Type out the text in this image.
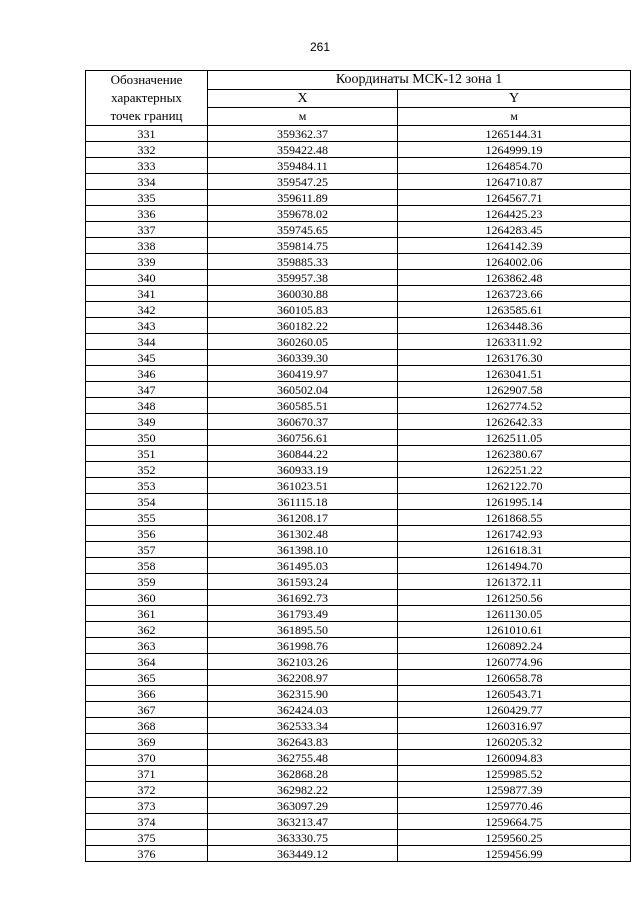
261
Обозначение
характерных
точек границ	Координаты МСК-12 зона 1	
	X	Y
	м	м
331	359362.37	1265144.31
332	359422.48	1264999.19
333	359484.11	1264854.70
334	359547.25	1264710.87
335	359611.89	1264567.71
336	359678.02	1264425.23
337	359745.65	1264283.45
338	359814.75	1264142.39
339	359885.33	1264002.06
340	359957.38	1263862.48
341	360030.88	1263723.66
342	360105.83	1263585.61
343	360182.22	1263448.36
344	360260.05	1263311.92
345	360339.30	1263176.30
346	360419.97	1263041.51
347	360502.04	1262907.58
348	360585.51	1262774.52
349	360670.37	1262642.33
350	360756.61	1262511.05
351	360844.22	1262380.67
352	360933.19	1262251.22
353	361023.51	1262122.70
354	361115.18	1261995.14
355	361208.17	1261868.55
356	361302.48	1261742.93
357	361398.10	1261618.31
358	361495.03	1261494.70
359	361593.24	1261372.11
360	361692.73	1261250.56
361	361793.49	1261130.05
362	361895.50	1261010.61
363	361998.76	1260892.24
364	362103.26	1260774.96
365	362208.97	1260658.78
366	362315.90	1260543.71
367	362424.03	1260429.77
368	362533.34	1260316.97
369	362643.83	1260205.32
370	362755.48	1260094.83
371	362868.28	1259985.52
372	362982.22	1259877.39
373	363097.29	1259770.46
374	363213.47	1259664.75
375	363330.75	1259560.25
376	363449.12	1259456.99
